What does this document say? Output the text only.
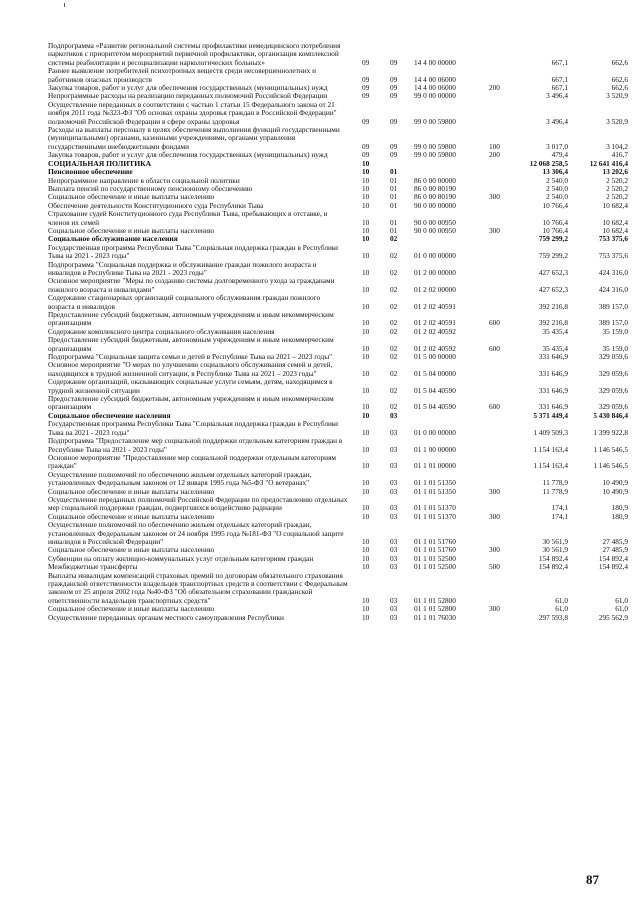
Подпрограмма «Развитие региональной системы профилактики немедицинского потребления наркотиков с приоритетом мероприятий первичной профилактики, организация комплексной системы реабилитации и ресоциализации наркологических больных»	09	09	14 4 00 00000	667,1	662,6
Раннее выявление потребителей психотропных веществ среди несовершеннолетних и работников опасных производств	09	09	14 4 00 06000	667,1	662,6
Закупка товаров, работ и услуг для обеспечения государственных (муниципальных) нужд	09	09	14 4 00 06000	200	667,1	662,6
Непрограммные расходы на реализацию переданных полномочий Российской Федерации	09	09	99 0 00 00000	3 496,4	3 520,9
Осуществление переданных в соответствии с частью 1 статьи 15 Федерального закона от 21 ноября 2011 года №323-ФЗ "Об основах охраны здоровья граждан в Российской Федерации" полномочий Российской Федерации в сфере охраны здоровья	09	09	99 0 00 59800	3 496,4	3 520,9
Расходы на выплаты персоналу в целях обеспечения выполнения функций государственными (муниципальными) органами, казенными учреждениями, органами управления государственными внебюджетными фондами	09	09	99 0 00 59800	100	3 017,0	3 104,2
Закупка товаров, работ и услуг для обеспечения государственных (муниципальных) нужд	09	09	99 0 00 59800	200	479,4	416,7
СОЦИАЛЬНАЯ ПОЛИТИКА	10	12 068 258,5	12 641 416,4
Пенсионное обеспечение	10	01	13 306,4	13 202,6
Непрограммное направление в области социальной политики	10	01	86 0 00 00000	2 540,0	2 520,2
Выплата пенсий по государственному пенсионному обеспечению	10	01	86 0 00 80190	2 540,0	2 520,2
Социальное обеспечение и иные выплаты населению	10	01	86 0 00 80190	300	2 540,0	2 520,2
Обеспечение деятельности Конституционного суда Республики Тыва	10	01	90 0 00 00000	10 766,4	10 682,4
Страхование судей Конституционного суда Республики Тыва, пребывающих в отставке, и членов их семей	10	01	90 0 00 00950	10 766,4	10 682,4
Социальное обеспечение и иные выплаты населению	10	01	90 0 00 00950	300	10 766,4	10 682,4
Социальное обслуживание населения	10	02	759 299,2	753 375,6
Государственная программа Республики Тыва "Социальная поддержка граждан в Республике Тыва на 2021 - 2023 годы"	10	02	01 0 00 00000	759 299,2	753 375,6
Подпрограмма "Социальная поддержка и обслуживание граждан пожилого возраста и инвалидов в Республике Тыва на 2021 - 2023 годы"	10	02	01 2 00 00000	427 652,3	424 316,0
Основное мероприятие "Меры по созданию системы долговременного ухода за гражданами пожилого возраста и инвалидами"	10	02	01 2 02 00000	427 652,3	424 316,0
Содержание стационарных организаций социального обслуживания граждан пожилого возраста и инвалидов	10	02	01 2 02 40591	392 216,8	389 157,0
Предоставление субсидий бюджетным, автономным учреждениям и иным некоммерческим организациям	10	02	01 2 02 40591	600	392 216,8	389 157,0
Содержание комплексного центра социального обслуживания населения	10	02	01 2 02 40592	35 435,4	35 159,0
Предоставление субсидий бюджетным, автономным учреждениям и иным некоммерческим организациям	10	02	01 2 02 40592	600	35 435,4	35 159,0
Подпрограмма "Социальная защита семьи и детей в Республике Тыва на 2021 – 2023 годы"	10	02	01 5 00 00000	331 646,9	329 059,6
Основное мероприятие "О мерах по улучшению социального обслуживания семей и детей, находящихся в трудной жизненной ситуации, в Республике Тыва на 2021 – 2023 годы"	10	02	01 5 04 00000	331 646,9	329 059,6
Содержание организаций, оказывающих социальные услуги семьям, детям, находящимся в трудной жизненной ситуации	10	02	01 5 04 40590	331 646,9	329 059,6
Предоставление субсидий бюджетным, автономным учреждениям и иным некоммерческим организациям	10	02	01 5 04 40590	600	331 646,9	329 059,6
Социальное обеспечение населения	10	03	5 371 449,4	5 430 846,4
Государственная программа Республики Тыва "Социальная поддержка граждан в Республике Тыва на 2021 - 2023 годы"	10	03	01 0 00 00000	1 409 509,3	1 399 922,8
Подпрограмма "Предоставление мер социальной поддержки отдельным категориям граждан в Республике Тыва на 2021 - 2023 годы"	10	03	01 1 00 00000	1 154 163,4	1 146 546,5
Основное мероприятие "Предоставление мер социальной поддержки отдельным категориям граждан"	10	03	01 1 01 00000	1 154 163,4	1 146 546,5
Осуществление полномочий по обеспечению жильем отдельных категорий граждан, установленных Федеральным законом от 12 января 1995 года №5-ФЗ "О ветеранах"	10	03	01 1 01 51350	11 778,9	10 490,9
Социальное обеспечение и иные выплаты населению	10	03	01 1 01 51350	300	11 778,9	10 490,9
Осуществление переданных полномочий Российской Федерации по предоставлению отдельных мер социальной поддержки граждан, подвергшихся воздействию радиации	10	03	01 1 01 51370	174,1	180,9
Социальное обеспечение и иные выплаты населению	10	03	01 1 01 51370	300	174,1	180,9
Осуществление полномочий по обеспечению жильем отдельных категорий граждан, установленных Федеральным законом от 24 ноября 1995 года №181-ФЗ "О социальной защите инвалидов в Российской Федерации"	10	03	01 1 01 51760	30 561,9	27 485,9
Социальное обеспечение и иные выплаты населению	10	03	01 1 01 51760	300	30 561,9	27 485,9
Субвенции на оплату жилищно-коммунальных услуг отдельным категориям граждан	10	03	01 1 01 52500	154 892,4	154 892,4
Межбюджетные трансферты	10	03	01 1 01 52500	500	154 892,4	154 892,4
Выплаты инвалидам компенсаций страховых премий по договорам обязательного страхования гражданской ответственности владельцев транспортных средств в соответствии с Федеральным законом от 25 апреля 2002 года №40-ФЗ "Об обязательном страховании гражданской ответственности владельцев транспортных средств"	10	03	01 1 01 52800	61,0	61,0
Социальное обеспечение и иные выплаты населению	10	03	01 1 01 52800	300	61,0	61,0
Осуществление переданных органам местного самоуправления Республики	10	03	01 1 01 76030	297 593,8	295 562,9
87
